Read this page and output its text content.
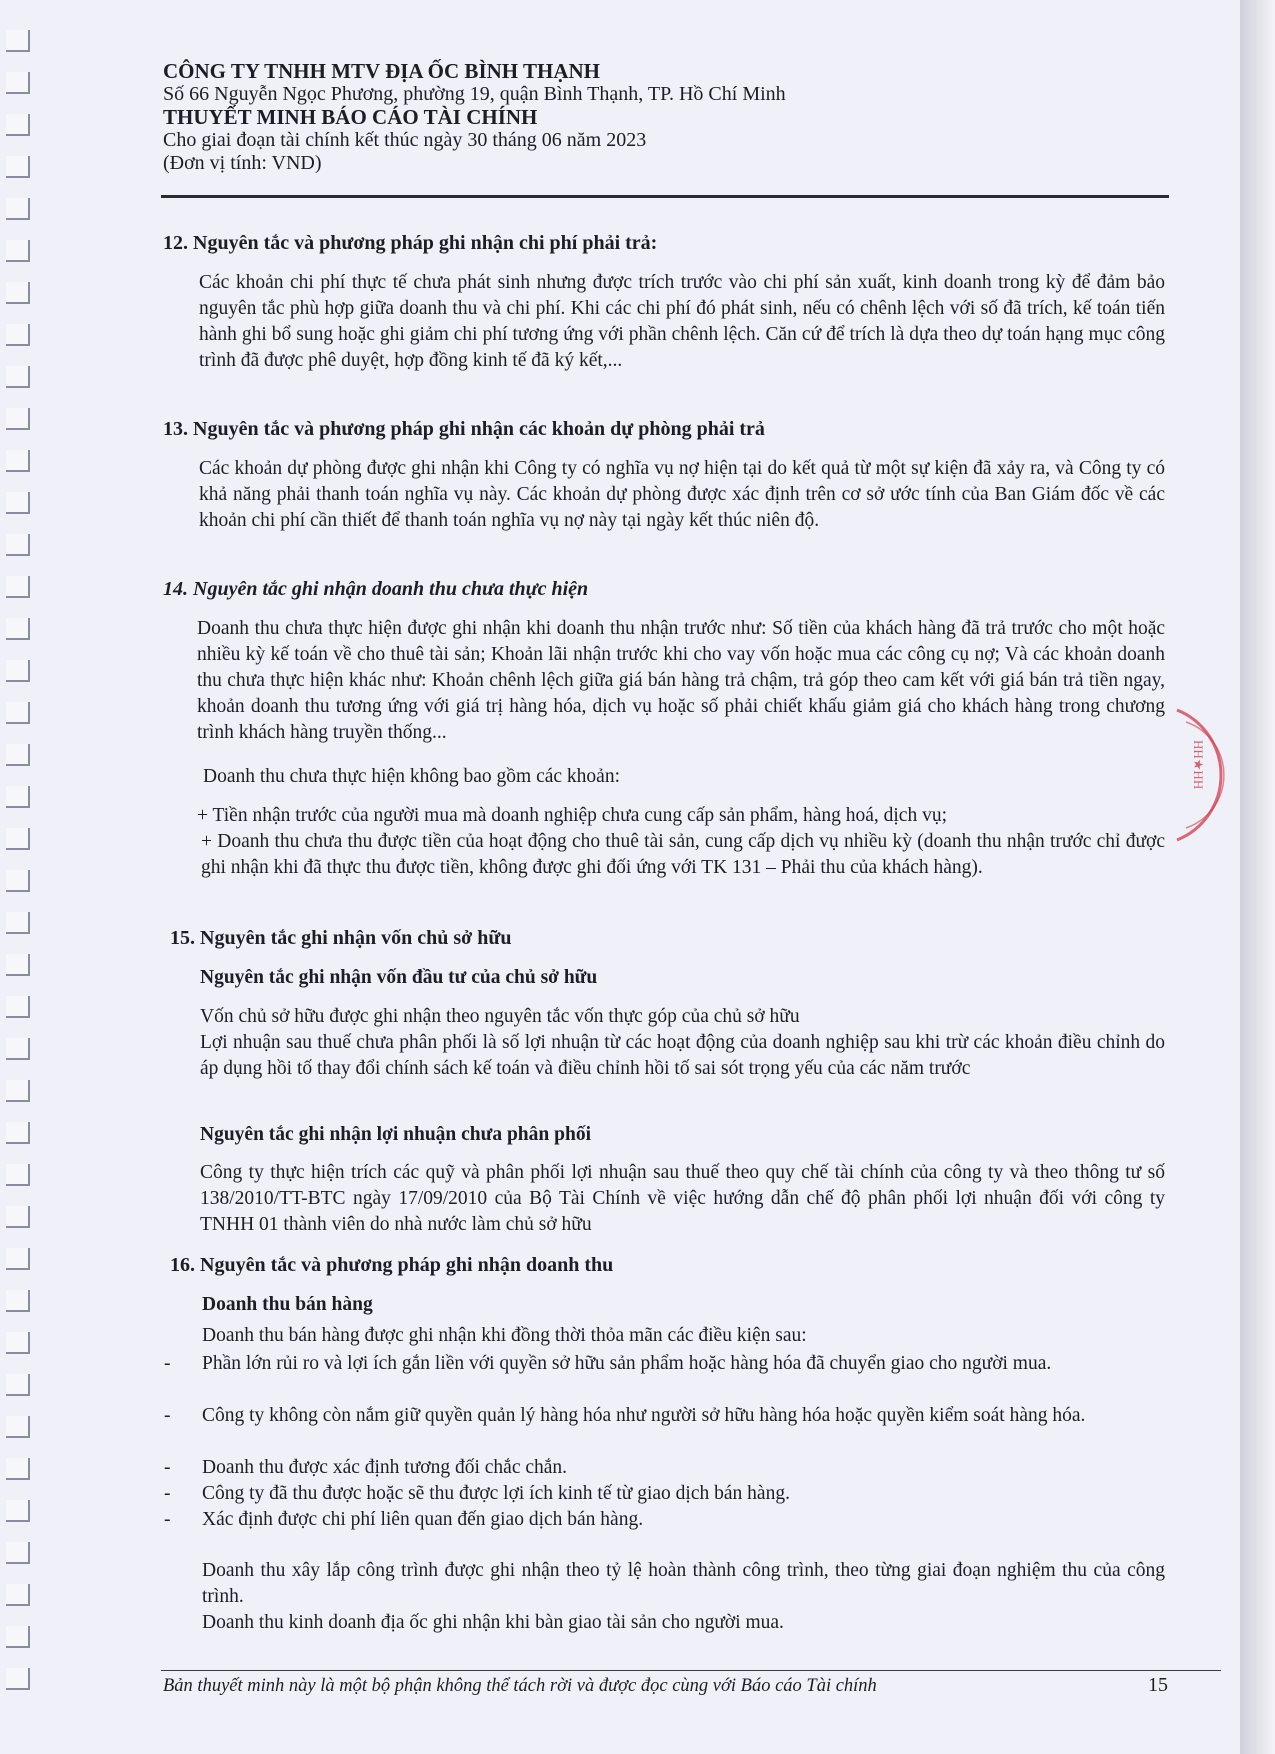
CÔNG TY TNHH MTV ĐỊA ỐC BÌNH THẠNH
Số 66 Nguyễn Ngọc Phương, phường 19, quận Bình Thạnh, TP. Hồ Chí Minh
THUYẾT MINH BÁO CÁO TÀI CHÍNH
Cho giai đoạn tài chính kết thúc ngày 30 tháng 06 năm 2023
(Đơn vị tính: VND)
12. Nguyên tắc và phương pháp ghi nhận chi phí phải trả:
Các khoản chi phí thực tế chưa phát sinh nhưng được trích trước vào chi phí sản xuất, kinh doanh trong kỳ để đảm bảo nguyên tắc phù hợp giữa doanh thu và chi phí. Khi các chi phí đó phát sinh, nếu có chênh lệch với số đã trích, kế toán tiến hành ghi bổ sung hoặc ghi giảm chi phí tương ứng với phần chênh lệch. Căn cứ để trích là dựa theo dự toán hạng mục công trình đã được phê duyệt, hợp đồng kinh tế đã ký kết,...
13. Nguyên tắc và phương pháp ghi nhận các khoản dự phòng phải trả
Các khoản dự phòng được ghi nhận khi Công ty có nghĩa vụ nợ hiện tại do kết quả từ một sự kiện đã xảy ra, và Công ty có khả năng phải thanh toán nghĩa vụ này. Các khoản dự phòng được xác định trên cơ sở ước tính của Ban Giám đốc về các khoản chi phí cần thiết để thanh toán nghĩa vụ nợ này tại ngày kết thúc niên độ.
14. Nguyên tắc ghi nhận doanh thu chưa thực hiện
Doanh thu chưa thực hiện được ghi nhận khi doanh thu nhận trước như: Số tiền của khách hàng đã trả trước cho một hoặc nhiều kỳ kế toán về cho thuê tài sản; Khoản lãi nhận trước khi cho vay vốn hoặc mua các công cụ nợ; Và các khoản doanh thu chưa thực hiện khác như: Khoản chênh lệch giữa giá bán hàng trả chậm, trả góp theo cam kết với giá bán trả tiền ngay, khoản doanh thu tương ứng với giá trị hàng hóa, dịch vụ hoặc số phải chiết khấu giảm giá cho khách hàng trong chương trình khách hàng truyền thống...
Doanh thu chưa thực hiện không bao gồm các khoản:
+ Tiền nhận trước của người mua mà doanh nghiệp chưa cung cấp sản phẩm, hàng hoá, dịch vụ;
+ Doanh thu chưa thu được tiền của hoạt động cho thuê tài sản, cung cấp dịch vụ nhiều kỳ (doanh thu nhận trước chỉ được ghi nhận khi đã thực thu được tiền, không được ghi đối ứng với TK 131 – Phải thu của khách hàng).
15. Nguyên tắc ghi nhận vốn chủ sở hữu
Nguyên tắc ghi nhận vốn đầu tư của chủ sở hữu
Vốn chủ sở hữu được ghi nhận theo nguyên tắc vốn thực góp của chủ sở hữu
Lợi nhuận sau thuế chưa phân phối là số lợi nhuận từ các hoạt động của doanh nghiệp sau khi trừ các khoản điều chỉnh do áp dụng hồi tố thay đổi chính sách kế toán và điều chỉnh hồi tố sai sót trọng yếu của các năm trước
Nguyên tắc ghi nhận lợi nhuận chưa phân phối
Công ty thực hiện trích các quỹ và phân phối lợi nhuận sau thuế theo quy chế tài chính của công ty và theo thông tư số 138/2010/TT-BTC ngày 17/09/2010 của Bộ Tài Chính về việc hướng dẫn chế độ phân phối lợi nhuận đối với công ty TNHH 01 thành viên do nhà nước làm chủ sở hữu
16. Nguyên tắc và phương pháp ghi nhận doanh thu
Doanh thu bán hàng
Doanh thu bán hàng được ghi nhận khi đồng thời thỏa mãn các điều kiện sau:
- Phần lớn rủi ro và lợi ích gắn liền với quyền sở hữu sản phẩm hoặc hàng hóa đã chuyển giao cho người mua.
- Công ty không còn nắm giữ quyền quản lý hàng hóa như người sở hữu hàng hóa hoặc quyền kiểm soát hàng hóa.
- Doanh thu được xác định tương đối chắc chắn.
- Công ty đã thu được hoặc sẽ thu được lợi ích kinh tế từ giao dịch bán hàng.
- Xác định được chi phí liên quan đến giao dịch bán hàng.
Doanh thu xây lắp công trình được ghi nhận theo tỷ lệ hoàn thành công trình, theo từng giai đoạn nghiệm thu của công trình.
Doanh thu kinh doanh địa ốc ghi nhận khi bàn giao tài sản cho người mua.
HH★HH
Bản thuyết minh này là một bộ phận không thể tách rời và được đọc cùng với Báo cáo Tài chính	15
